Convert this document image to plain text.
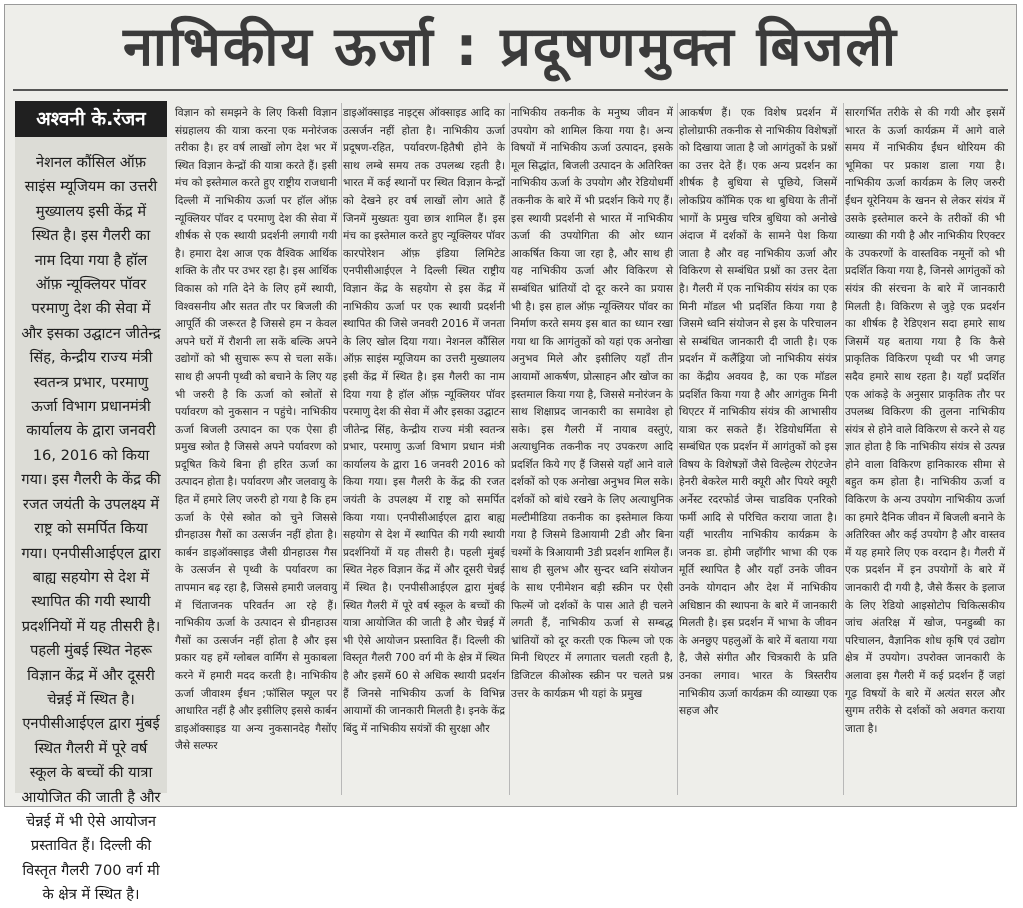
नाभिकीय ऊर्जा : प्रदूषणमुक्त बिजली
अश्वनी के.रंजन

नेशनल कौंसिल ऑफ़ साइंस म्यूजियम का उत्तरी मुख्यालय इसी केंद्र में स्थित है। इस गैलरी का नाम दिया गया है हॉल ऑफ़ न्यूक्लियर पॉवर परमाणु देश की सेवा में और इसका उद्घाटन जीतेन्द्र सिंह, केन्द्रीय राज्य मंत्री स्वतन्त्र प्रभार, परमाणु ऊर्जा विभाग प्रधानमंत्री कार्यालय के द्वारा जनवरी 16, 2016 को किया गया। इस गैलरी के केंद्र की रजत जयंती के उपलक्ष्य में राष्ट्र को समर्पित किया गया। एनपीसीआईएल द्वारा बाह्य सहयोग से देश में स्थापित की गयी स्थायी प्रदर्शनियों में यह तीसरी है। पहली मुंबई स्थित नेहरू विज्ञान केंद्र में और दूसरी चेन्नई में स्थित है। एनपीसीआईएल द्वारा मुंबई स्थित गैलरी में पूरे वर्ष स्कूल के बच्चों की यात्रा आयोजित की जाती है और चेन्नई में भी ऐसे आयोजन प्रस्तावित हैं। दिल्ली की विस्तृत गैलरी 700 वर्ग मी के क्षेत्र में स्थित है।

विज्ञान को समझने के लिए किसी विज्ञान संग्रहालय की यात्रा करना एक मनोरंजक तरीका है। हर वर्ष लाखों लोग देश भर में स्थित विज्ञान केन्द्रों की यात्रा करते हैं। इसी मंच को इस्तेमाल करते हुए राष्ट्रीय राजधानी दिल्ली में नाभिकीय ऊर्जा पर हॉल ऑफ़ न्यूक्लियर पॉवर द परमाणु देश की सेवा में शीर्षक से एक स्थायी प्रदर्शनी लगायी गयी है। हमारा देश आज एक वैश्विक आर्थिक शक्ति के तौर पर उभर रहा है। इस आर्थिक विकास को गति देने के लिए हमें स्थायी, विश्वसनीय और सतत तौर पर बिजली की आपूर्ति की जरूरत है जिससे हम न केवल अपने घरों में रौशनी ला सकें बल्कि अपने उद्योगों को भी सुचारू रूप से चला सकें। साथ ही अपनी पृथ्वी को बचाने के लिए यह भी जरुरी है कि ऊर्जा को स्त्रोतों से पर्यावरण को नुकसान न पहुंचे। नाभिकीय ऊर्जा बिजली उत्पादन का एक ऐसा ही प्रमुख स्त्रोत है जिससे अपने पर्यावरण को प्रदूषित किये बिना ही हरित ऊर्जा का उत्पादन होता है। पर्यावरण और जलवायु के हित में हमारे लिए जरुरी हो गया है कि हम ऊर्जा के ऐसे स्त्रोत को चुने जिससे ग्रीनहाउस गैसों का उत्सर्जन नहीं होता है। कार्बन डाइऑक्साइड जैसी ग्रीनहाउस गैस के उत्सर्जन से पृथ्वी के पर्यावरण का तापमान बढ़ रहा है, जिससे हमारी जलवायु में चिंताजनक परिवर्तन आ रहे हैं। नाभिकीय ऊर्जा के उत्पादन से ग्रीनहाउस गैसों का उत्सर्जन नहीं होता है और इस प्रकार यह हमें ग्लोबल वार्मिंग से मुकाबला करने में हमारी मदद करती है। नाभिकीय ऊर्जा जीवाश्म ईंधन ;फॉसिल फ्यूल पर आधारित नहीं है और इसीलिए इससे कार्बन डाइऑक्साइड या अन्य नुकसानदेह गैसोंए जैसे सल्फर

डाइऑक्साइड नाइट्स ऑक्साइड आदि का उत्सर्जन नहीं होता है। नाभिकीय ऊर्जा प्रदूषण-रहित, पर्यावरण-हितैषी होने के साथ लम्बे समय तक उपलब्ध रहती है। भारत में कई स्थानों पर स्थित विज्ञान केन्द्रों को देखने हर वर्ष लाखों लोग आते हैं जिनमें मुख्यतः युवा छात्र शामिल हैं। इस मंच का इस्तेमाल करते हुए न्यूक्लियर पॉवर कारपोरेशन ऑफ़ इंडिया लिमिटेड एनपीसीआईएल ने दिल्ली स्थित राष्ट्रीय विज्ञान केंद्र के सहयोग से इस केंद्र में नाभिकीय ऊर्जा पर एक स्थायी प्रदर्शनी स्थापित की जिसे जनवरी 2016 में जनता के लिए खोल दिया गया। नेशनल कौंसिल ऑफ़ साइंस म्यूजियम का उत्तरी मुख्यालय इसी केंद्र में स्थित है। इस गैलरी का नाम दिया गया है हॉल ऑफ़ न्यूक्लियर पॉवर परमाणु देश की सेवा में और इसका उद्घाटन जीतेन्द्र सिंह, केन्द्रीय राज्य मंत्री स्वतन्त्र प्रभार, परमाणु ऊर्जा विभाग प्रधान मंत्री कार्यालय के द्वारा 16 जनवरी 2016 को किया गया। इस गैलरी के केंद्र की रजत जयंती के उपलक्ष्य में राष्ट्र को समर्पित किया गया। एनपीसीआईएल द्वारा बाह्य सहयोग से देश में स्थापित की गयी स्थायी प्रदर्शनियों में यह तीसरी है। पहली मुंबई स्थित नेहरु विज्ञान केंद्र में और दूसरी चेन्नई में स्थित है। एनपीसीआईएल द्वारा मुंबई स्थित गैलरी में पूरे वर्ष स्कूल के बच्चों की यात्रा आयोजित की जाती है और चेन्नई में भी ऐसे आयोजन प्रस्तावित हैं। दिल्ली की विस्तृत गैलरी 700 वर्ग मी के क्षेत्र में स्थित है और इसमें 60 से अधिक स्थायी प्रदर्शन हैं जिनसे नाभिकीय ऊर्जा के विभिन्न आयामों की जानकारी मिलती है। इनके केंद्र बिंदु में नाभिकीय सयंत्रों की सुरक्षा और

नाभिकीय तकनीक के मनुष्य जीवन में उपयोग को शामिल किया गया है। अन्य विषयों में नाभिकीय ऊर्जा उत्पादन, इसके मूल सिद्धांत, बिजली उत्पादन के अतिरिक्त नाभिकीय ऊर्जा के उपयोग और रेडियोधर्मी तकनीक के बारे में भी प्रदर्शन किये गए हैं। इस स्थायी प्रदर्शनी से भारत में नाभिकीय ऊर्जा की उपयोगिता की ओर ध्यान आकर्षित किया जा रहा है, और साथ ही यह नाभिकीय ऊर्जा और विकिरण से सम्बंधित भ्रांतियों दो दूर करने का प्रयास भी है। इस हाल ऑफ़ न्यूक्लियर पॉवर का निर्माण करते समय इस बात का ध्यान रखा गया था कि आगंतुकों को यहां एक अनोखा अनुभव मिले और इसीलिए यहाँ तीन आयामों आकर्षण, प्रोत्साहन और खोज का इस्तमाल किया गया है, जिससे मनोरंजन के साथ शिक्षाप्रद जानकारी का समावेश हो सके। इस गैलरी में नायाब वस्तुएं, अत्याधुनिक तकनीक नए उपकरण आदि प्रदर्शित किये गए हैं जिससे यहाँ आने वाले दर्शकों को एक अनोखा अनुभव मिल सके। दर्शकों को बांधे रखने के लिए अत्याधुनिक मल्टीमीडिया तकनीक का इस्तेमाल किया गया है जिसमे डिआयामी 2डी और बिना चश्मों के त्रिआयामी 3डी प्रदर्शन शामिल हैं। साथ ही सुलभ और सुन्दर ध्वनि संयोजन के साथ एनीमेशन बड़ी स्क्रीन पर ऐसी फिल्में जो दर्शकों के पास आते ही चलने लगती हैं, नाभिकीय ऊर्जा से सम्बद्ध भ्रांतियों को दूर करती एक फिल्म जो एक मिनी थिएटर में लगातार चलती रहती है, डिजिटल कीओस्क स्क्रीन पर चलते प्रश्न उत्तर के कार्यक्रम भी यहां के प्रमुख

आकर्षण हैं। एक विशेष प्रदर्शन में होलोग्राफी तकनीक से नाभिकीय विशेषज्ञों को दिखाया जाता है जो आगंतुकों के प्रश्नों का उत्तर देते हैं। एक अन्य प्रदर्शन का शीर्षक है बुधिया से पूछिये, जिसमें लोकप्रिय कॉमिक एक था बुधिया के तीनों भागों के प्रमुख चरित्र बुधिया को अनोखे अंदाज में दर्शकों के सामने पेश किया जाता है और वह नाभिकीय ऊर्जा और विकिरण से सम्बंधित प्रश्नों का उत्तर देता है। गैलरी में एक नाभिकीय संयंत्र का एक मिनी मॉडल भी प्रदर्शित किया गया है जिसमे ध्वनि संयोजन से इस के परिचालन से सम्बंधित जानकारी दी जाती है। एक प्रदर्शन में कलैंड्रिया जो नाभिकीय संयंत्र का केंद्रीय अवयव है, का एक मॉडल प्रदर्शित किया गया है और आगंतुक मिनी थिएटर में नाभिकीय संयंत्र की आभासीय यात्रा कर सकते हैं। रेडियोधर्मिता से सम्बंधित एक प्रदर्शन में आगंतुकों को इस विषय के विशेषज्ञों जैसे विल्हेल्म रोएंटजेन हेनरी बेकरेल मारी क्यूरी और पियरे क्यूरी अर्नेस्ट रदरफोर्ड जेम्स चाडविक एनरिको फर्मी आदि से परिचित कराया जाता है। यहीं भारतीय नाभिकीय कार्यक्रम के जनक डा. होमी जहाँगीर भाभा की एक मूर्ति स्थापित है और यहाँ उनके जीवन उनके योगदान और देश में नाभिकीय अधिष्ठान की स्थापना के बारे में जानकारी मिलती है। इस प्रदर्शन में भाभा के जीवन के अनछुए पहलुओं के बारे में बताया गया है, जैसे संगीत और चित्रकारी के प्रति उनका लगाव। भारत के त्रिस्तरीय नाभिकीय ऊर्जा कार्यक्रम की व्याख्या एक सहज और

सारगर्भित तरीके से की गयी और इसमें भारत के ऊर्जा कार्यक्रम में आगे वाले समय में नाभिकीय ईंधन थोरियम की भूमिका पर प्रकाश डाला गया है। नाभिकीय ऊर्जा कार्यक्रम के लिए जरुरी ईंधन यूरेनियम के खनन से लेकर संयंत्र में उसके इस्तेमाल करने के तरीकों की भी व्याख्या की गयी है और नाभिकीय रिएक्टर के उपकरणों के वास्तविक नमूनों को भी प्रदर्शित किया गया है, जिनसे आगंतुकों को संयंत्र की संरचना के बारे में जानकारी मिलती है। विकिरण से जुड़े एक प्रदर्शन का शीर्षक है रेडिएशन सदा हमारे साथ जिसमें यह बताया गया है कि कैसे प्राकृतिक विकिरण पृथ्वी पर भी जगह सदैव हमारे साथ रहता है। यहाँ प्रदर्शित एक आंकड़े के अनुसार प्राकृतिक तौर पर उपलब्ध विकिरण की तुलना नाभिकीय संयंत्र से होने वाले विकिरण से करने से यह ज्ञात होता है कि नाभिकीय संयंत्र से उत्पन्न होने वाला विकिरण हानिकारक सीमा से बहुत कम होता है। नाभिकीय ऊर्जा व विकिरण के अन्य उपयोग नाभिकीय ऊर्जा का हमारे दैनिक जीवन में बिजली बनाने के अतिरिक्त और कई उपयोग है और वास्तव में यह हमारे लिए एक वरदान है। गैलरी में एक प्रदर्शन में इन उपयोगों के बारे में जानकारी दी गयी है, जैसे कैंसर के इलाज के लिए रेडियो आइसोटोप चिकित्सकीय जांच अंतरिक्ष में खोज, पनडुब्बी का परिचालन, वैज्ञानिक शोध कृषि एवं उद्योग क्षेत्र में उपयोग। उपरोक्त जानकारी के अलावा इस गैलरी में कई प्रदर्शन हैं जहां गूढ़ विषयों के बारे में अत्यंत सरल और सुगम तरीके से दर्शकों को अवगत कराया जाता है।
